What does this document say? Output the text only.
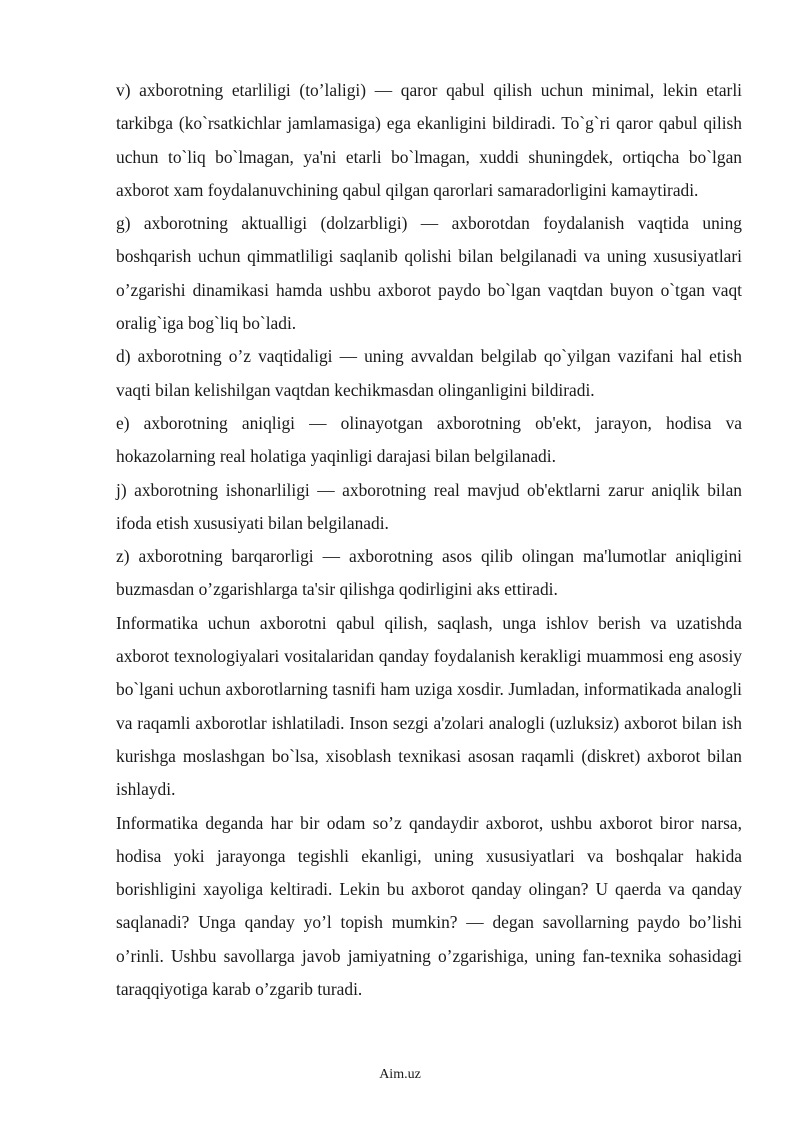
v) axborotning etarliligi (to’laligi) — qaror qabul qilish uchun minimal, lekin etarli tarkibga (ko`rsatkichlar jamlamasiga) ega ekanligini bildiradi. To`g`ri qaror qabul qilish uchun to`liq bo`lmagan, ya'ni etarli bo`lmagan, xuddi shuningdek, ortiqcha bo`lgan axborot xam foydalanuvchining qabul qilgan qarorlari samaradorligini kamaytiradi.

g) axborotning aktualligi (dolzarbligi) — axborotdan foydalanish vaqtida uning boshqarish uchun qimmatliligi saqlanib qolishi bilan belgilanadi va uning xususiyatlari o’zgarishi dinamikasi hamda ushbu axborot paydo bo`lgan vaqtdan buyon o`tgan vaqt oralig`iga bog`liq bo`ladi.

d) axborotning o’z vaqtidaligi — uning avvaldan belgilab qo`yilgan vazifani hal etish vaqti bilan kelishilgan vaqtdan kechikmasdan olinganligini bildiradi.

e) axborotning aniqligi — olinayotgan axborotning ob'ekt, jarayon, hodisa va hokazolarning real holatiga yaqinligi darajasi bilan belgilanadi.

j) axborotning ishonarliligi — axborotning real mavjud ob'ektlarni zarur aniqlik bilan ifoda etish xususiyati bilan belgilanadi.

z) axborotning barqarorligi — axborotning asos qilib olingan ma'lumotlar aniqligini buzmasdan o’zgarishlarga ta'sir qilishga qodirligini aks ettiradi.

Informatika uchun axborotni qabul qilish, saqlash, unga ishlov berish va uzatishda axborot texnologiyalari vositalaridan qanday foydalanish kerakligi muammosi eng asosiy bo`lgani uchun axborotlarning tasnifi ham uziga xosdir. Jumladan, informatikada analogli va raqamli axborotlar ishlatiladi. Inson sezgi a'zolari analogli (uzluksiz) axborot bilan ish kurishga moslashgan bo`lsa, xisoblash texnikasi asosan raqamli (diskret) axborot bilan ishlaydi.

Informatika deganda har bir odam so’z qandaydir axborot, ushbu axborot biror narsa, hodisa yoki jarayonga tegishli ekanligi, uning xususiyatlari va boshqalar hakida borishligini xayoliga keltiradi. Lekin bu axborot qanday olingan? U qaerda va qanday saqlanadi? Unga qanday yo’l topish mumkin? — degan savollarning paydo bo’lishi o’rinli. Ushbu savollarga javob jamiyatning o’zgarishiga, uning fan-texnika sohasidagi taraqqiyotiga karab o’zgarib turadi.

Aim.uz
